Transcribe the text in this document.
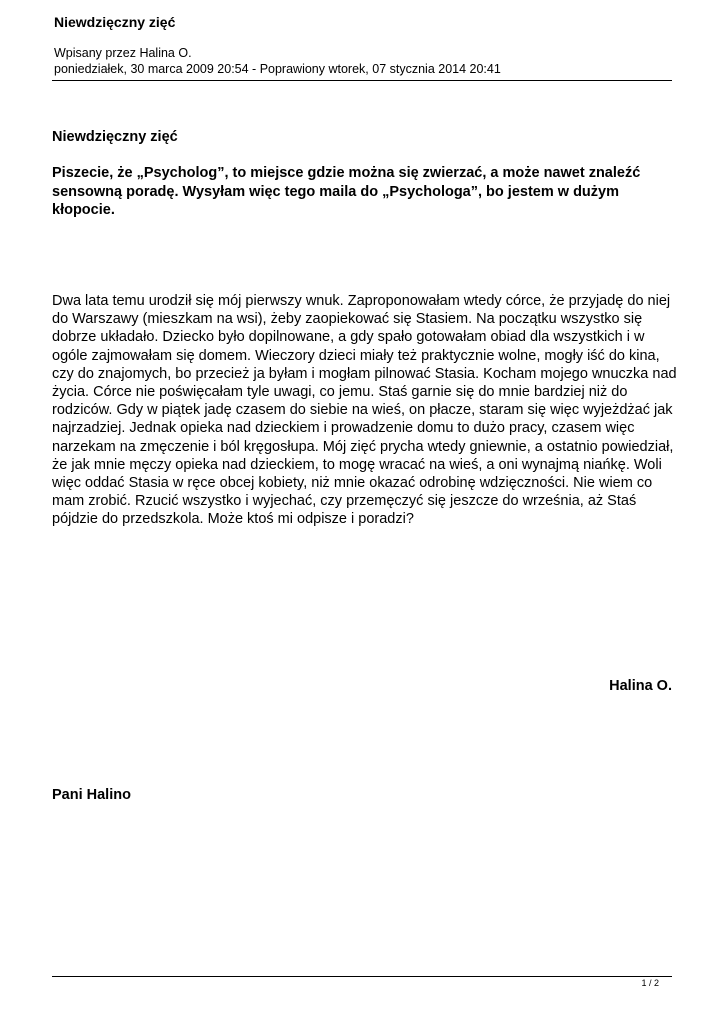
Niewdzięczny zięć
Wpisany przez Halina O.
poniedziałek, 30 marca 2009 20:54 - Poprawiony wtorek, 07 stycznia 2014 20:41
Niewdzięczny zięć
Piszecie, że „Psycholog”, to miejsce gdzie można się zwierzać, a może nawet znaleźć sensowną poradę. Wysyłam więc tego maila do „Psychologa”, bo jestem w dużym kłopocie.
Dwa lata temu urodził się mój pierwszy wnuk. Zaproponowałam wtedy córce, że przyjadę do niej do Warszawy (mieszkam na wsi), żeby zaopiekować się Stasiem. Na początku wszystko się dobrze układało. Dziecko było dopilnowane, a gdy spało gotowałam obiad dla wszystkich i w ogóle zajmowałam się domem. Wieczory dzieci miały też praktycznie wolne, mogły iść do kina, czy do znajomych, bo przecież ja byłam i mogłam pilnować Stasia. Kocham mojego wnuczka nad życia. Córce nie poświęcałam tyle uwagi, co jemu. Staś garnie się do mnie bardziej niż do rodziców. Gdy w piątek jadę czasem do siebie na wieś, on płacze, staram się więc wyjeżdżać jak najrzadziej. Jednak opieka nad dzieckiem i prowadzenie domu to dużo pracy, czasem więc narzekam na zmęczenie i ból kręgosłupa. Mój zięć prycha wtedy gniewnie, a ostatnio powiedział, że jak mnie męczy opieka nad dzieckiem, to mogę wracać na wieś, a oni wynajmą niańkę. Woli więc oddać Stasia w ręce obcej kobiety, niż mnie okazać odrobinę wdzięczności. Nie wiem co mam zrobić. Rzucić wszystko i wyjechać, czy przemęczyć się jeszcze do września, aż Staś pójdzie do przedszkola. Może ktoś mi odpisze i poradzi?
Halina O.
Pani Halino
1 / 2
